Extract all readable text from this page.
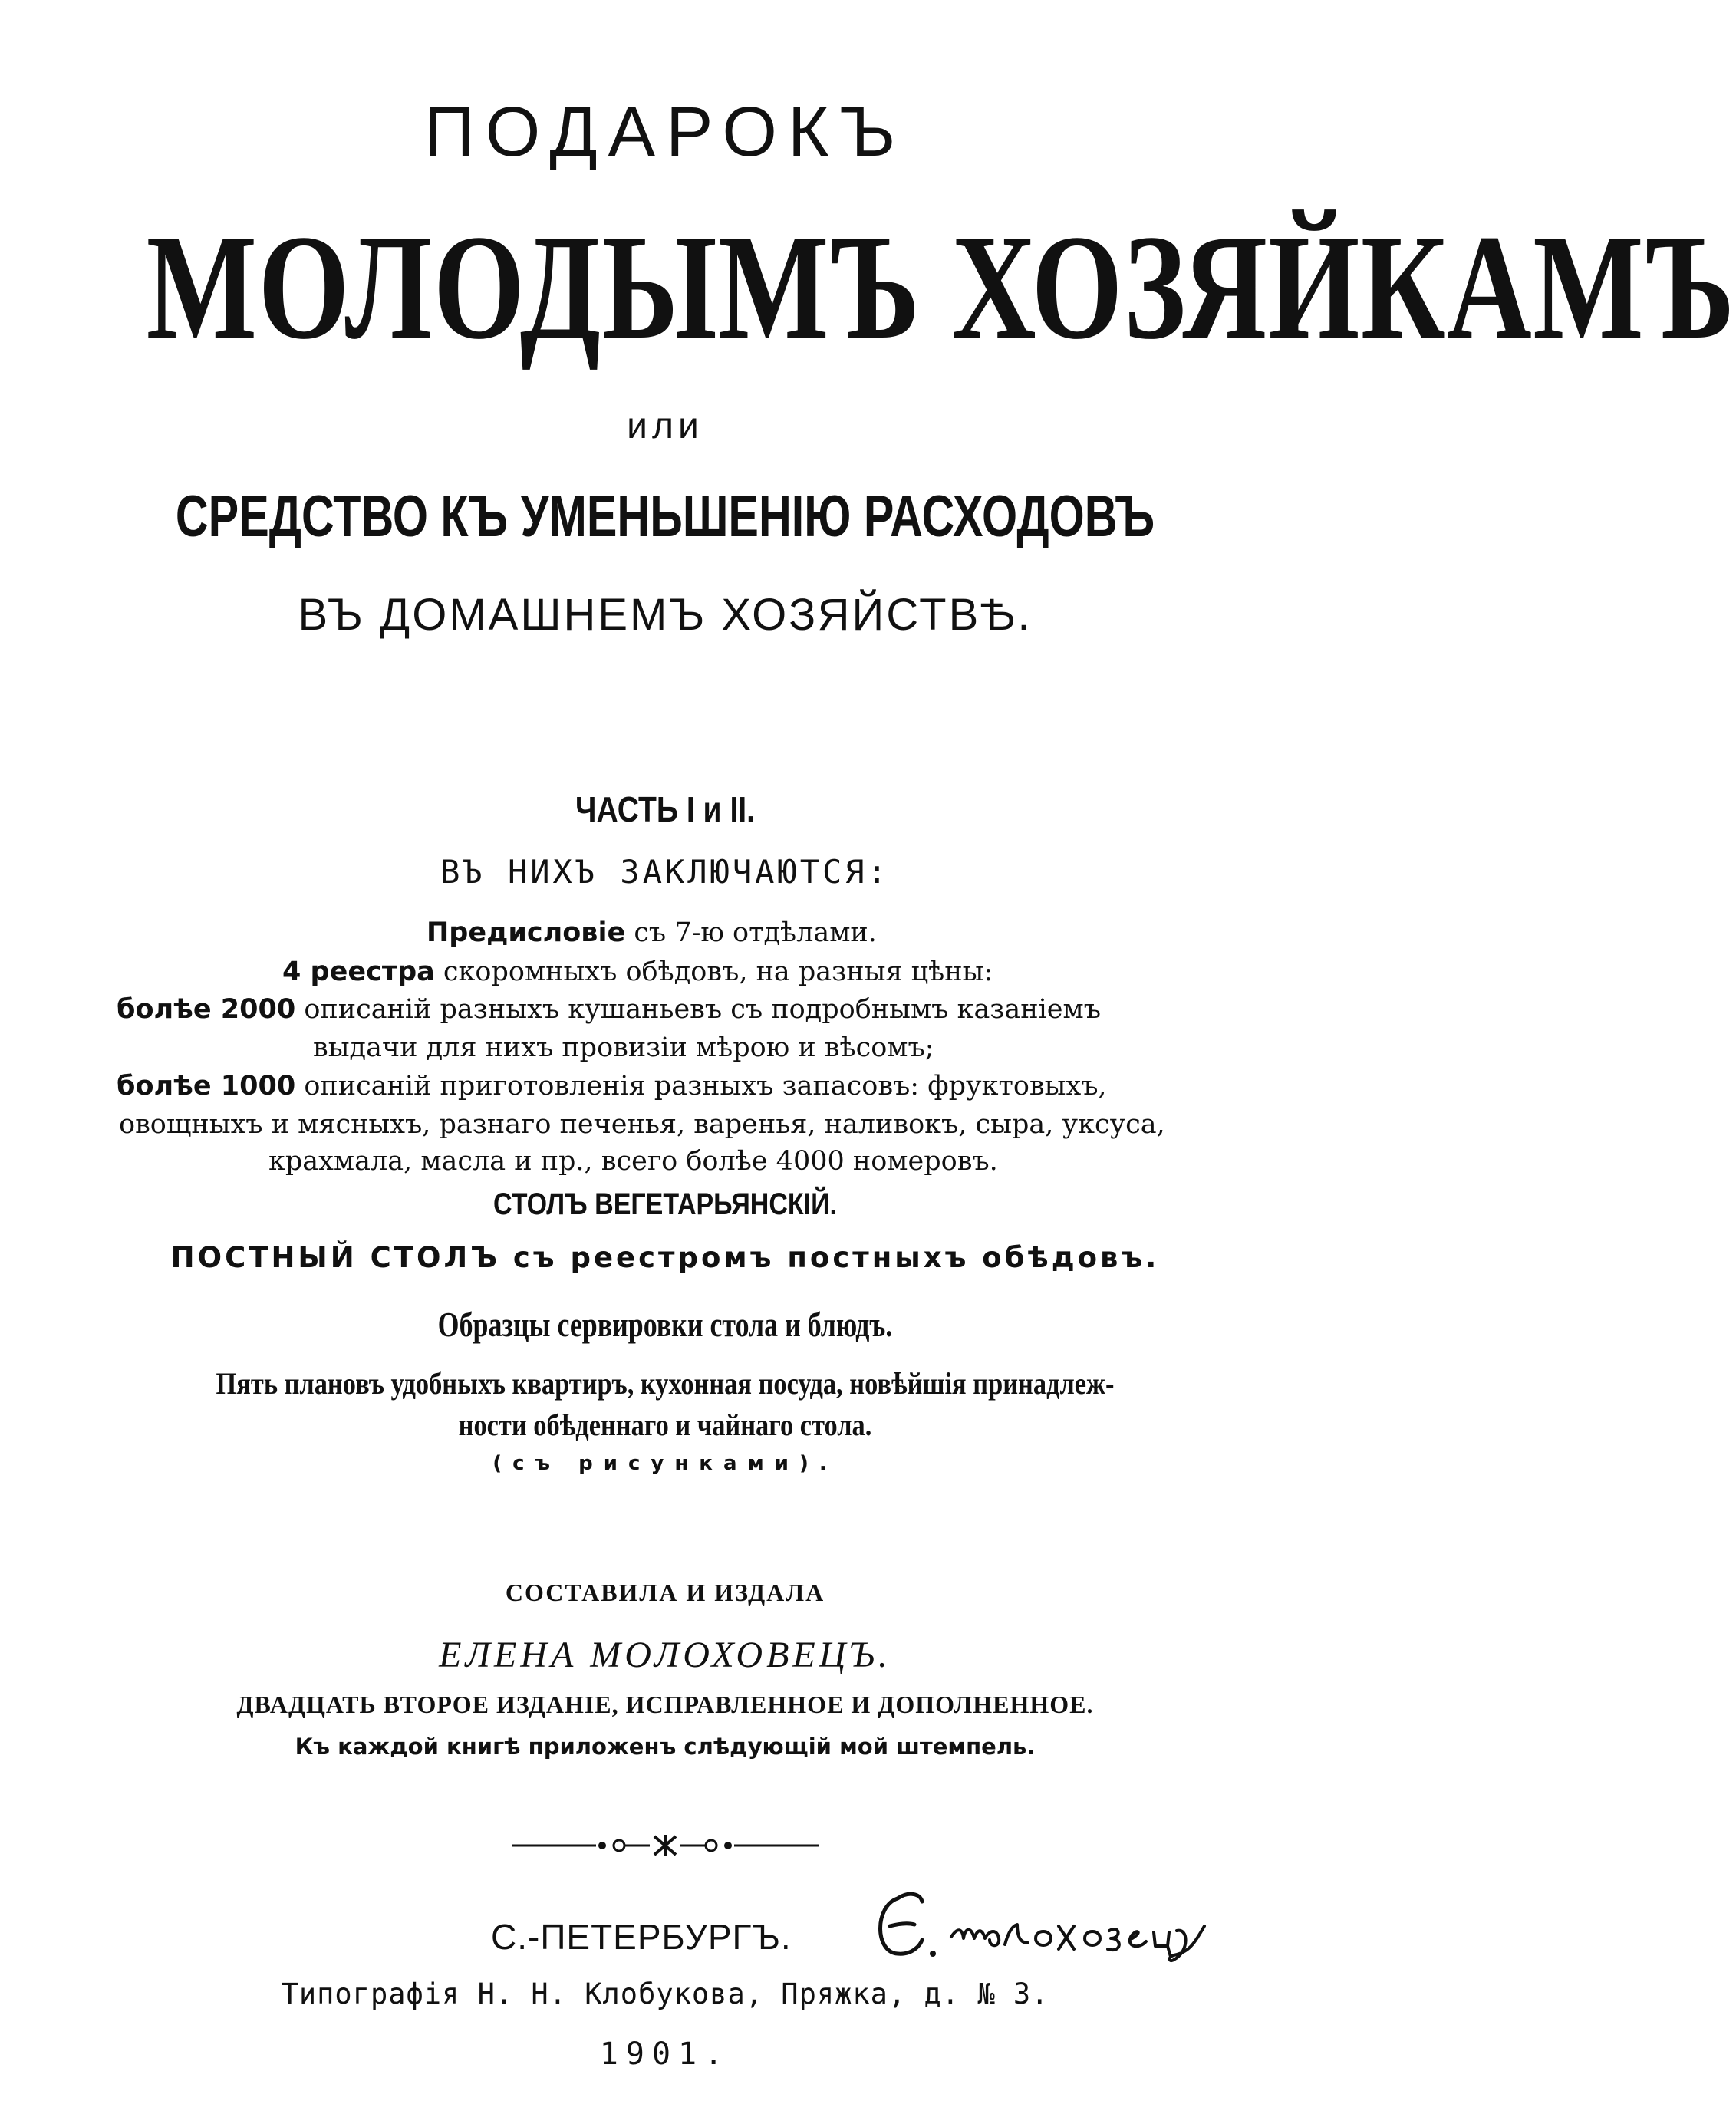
ПОДАРОКЪ
МОЛОДЫМЪ ХОЗЯЙКАМЪ
или
СРЕДСТВО КЪ УМЕНЬШЕНІЮ РАСХОДОВЪ
ВЪ ДОМАШНЕМЪ ХОЗЯЙСТВѢ.
ЧАСТЬ I и II.
ВЪ НИХЪ ЗАКЛЮЧАЮТСЯ:
Предисловіе съ 7-ю отдѣлами.
4 реестра скоромныхъ обѣдовъ, на разныя цѣны:
болѣе 2000 описаній разныхъ кушаньевъ съ подробнымъ казаніемъ
выдачи для нихъ провизіи мѣрою и вѣсомъ;
болѣе 1000 описаній приготовленія разныхъ запасовъ: фруктовыхъ,
овощныхъ и мясныхъ, разнаго печенья, варенья, наливокъ, сыра, уксуса,
крахмала, масла и пр., всего болѣе 4000 номеровъ.
СТОЛЪ ВЕГЕТАРЬЯНСКІЙ.
ПОСТНЫЙ СТОЛЪ съ реестромъ постныхъ обѣдовъ.
Образцы сервировки стола и блюдъ.
Пять плановъ удобныхъ квартиръ, кухонная посуда, новѣйшія принадлеж-
ности обѣденнаго и чайнаго стола.
(съ рисунками).
СОСТАВИЛА И ИЗДАЛА
ЕЛЕНА МОЛОХОВЕЦЪ.
ДВАДЦАТЬ ВТОРОЕ ИЗДАНІЕ, ИСПРАВЛЕННОЕ И ДОПОЛНЕННОЕ.
Къ каждой книгѣ приложенъ слѣдующій мой штемпель.
С.-ПЕТЕРБУРГЪ.
Типографія Н. Н. Клобукова, Пряжка, д. № 3.
1901.
